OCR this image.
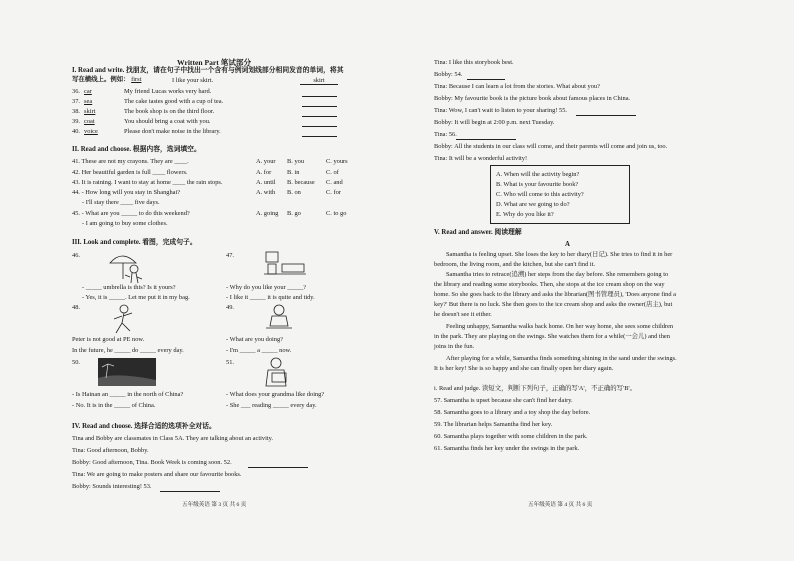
Written Part 笔试部分
I. Read and write. 找朋友，请在句子中找出一个含有与例词划线部分相同发音的单词，将其
写在横线上。例如： first	I like your skirt.	skirt
36. car	My friend Lucas works very hard.
37. sea	The cake tastes good with a cup of tea.
38. skirt	The book shop is on the third floor.
39. coat	You should bring a coat with you.
40. voice	Please don't make noise in the library.
II. Read and choose. 根据内容，选词填空。
41. These are not my crayons. They are ____.	A. your B. you	C. yours
42. Her beautiful garden is full ____ flowers.	A. for B. in	C. of
43. It is raining. I want to stay at home ____ the rain stops.	A. until B. because C. and
44. - How long will you stay in Shanghai?	A. with B. on	C. for
- I'll stay there ____ five days.
45. - What are you _____ to do this weekend?	A. going B. go	C. to go
- I am going to buy some clothes.
III. Look and complete. 看图，完成句子。
46.
- _____ umbrella is this? Is it yours?
- Yes, it is _____. Let me put it in my bag.
47.
- Why do you like your _____?
- I like it _____ it is quite and tidy.
48.
Peter is not good at PE now.
In the future, he _____ do _____ every day.
49.
- What are you doing?
- I'm _____ a _____ now.
50.
- Is Hainan an _____ in the north of China?
- No. It is in the _____ of China.
51.
- What does your grandma like doing?
- She ___ reading _____ every day.
IV. Read and choose. 选择合适的选项补全对话。
Tina and Bobby are classmates in Class 5A. They are talking about an activity.
Tina: Good afternoon, Bobby.
Bobby: Good afternoon, Tina. Book Week is coming soon. 52.
Tina: We are going to make posters and share our favourite books.
Bobby: Sounds interesting! 53.
五年级英语 第 3 页 共 6 页
Tina: I like this storybook best.
Bobby: 54.
Tina: Because I can learn a lot from the stories. What about you?
Bobby: My favourite book is the picture book about famous places in China.
Tina: Wow, I can't wait to listen to your sharing! 55.
Bobby: It will begin at 2:00 p.m. next Tuesday.
Tina: 56.
Bobby: All the students in our class will come, and their parents will come and join us, too.
Tina: It will be a wonderful activity!
A. When will the activity begin?
B. What is your favourite book?
C. Who will come to this activity?
D. What are we going to do?
E. Why do you like it?
V. Read and answer. 阅读理解
A
Samantha is feeling upset. She loses the key to her diary(日记). She tries to find it in her
bedroom, the living room, and the kitchen, but she can't find it.
Samantha tries to retrace(追溯) her steps from the day before. She remembers going to
the library and reading some storybooks. Then, she stops at the ice cream shop on the way
home. So she goes back to the library and asks the librarian(图书管理员), 'Does anyone find a
key?' But there is no luck. She then goes to the ice cream shop and asks the owner(店主), but
he doesn't see it either.
Feeling unhappy, Samantha walks back home. On her way home, she sees some children
in the park. They are playing on the swings. She watches them for a while(一会儿) and then
joins in the fun.
After playing for a while, Samantha finds something shining in the sand under the swings.
It is her key! She is so happy and she can finally open her diary again.
i. Read and judge. 读短文，判断下列句子，正确的写'A'，不正确的写'B'。
57. Samantha is upset because she can't find her dairy.
58. Samantha goes to a library and a toy shop the day before.
59. The librarian helps Samantha find her key.
60. Samantha plays together with some children in the park.
61. Samantha finds her key under the swings in the park.
五年级英语 第 4 页 共 6 页
